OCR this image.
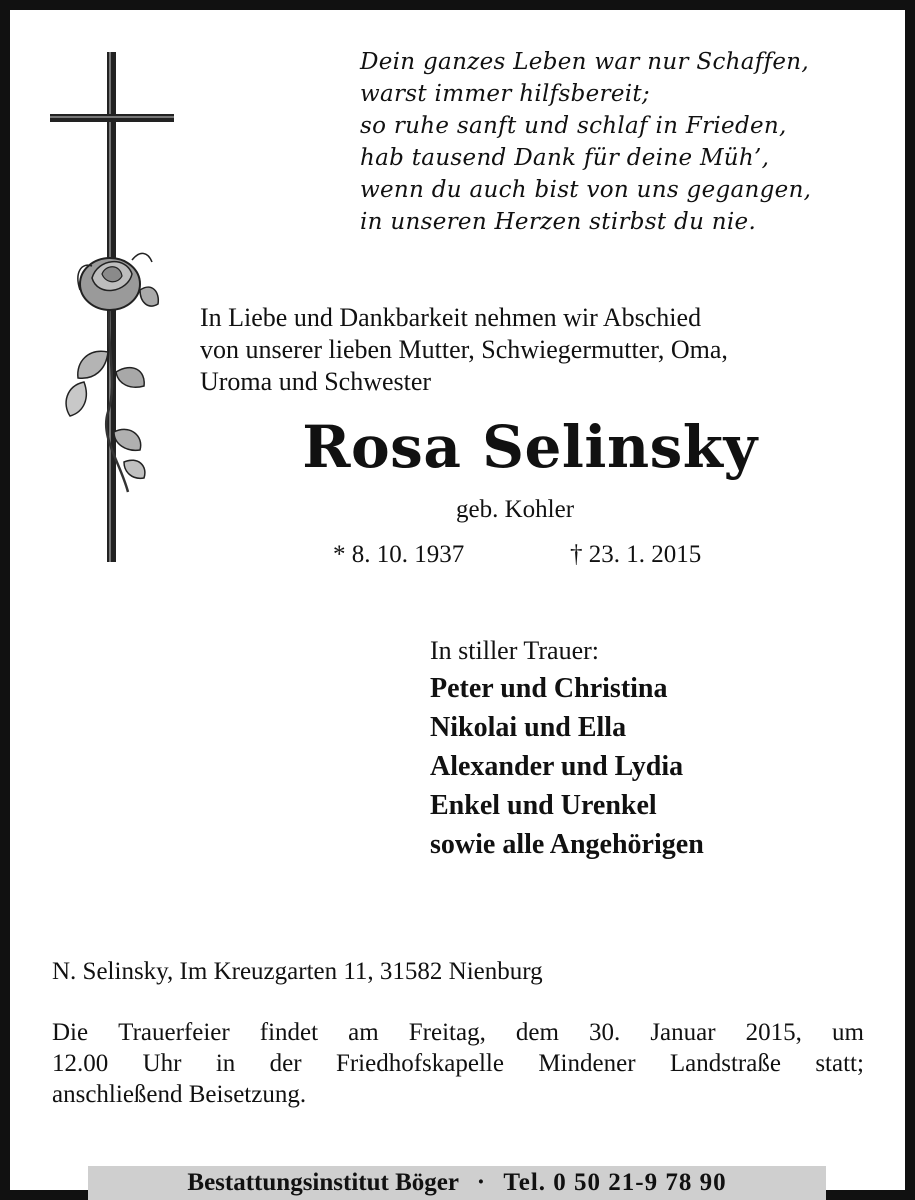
Dein ganzes Leben war nur Schaffen,
warst immer hilfsbereit;
so ruhe sanft und schlaf in Frieden,
hab tausend Dank für deine Müh’,
wenn du auch bist von uns gegangen,
in unseren Herzen stirbst du nie.
In Liebe und Dankbarkeit nehmen wir Abschied
von unserer lieben Mutter, Schwiegermutter, Oma,
Uroma und Schwester
Rosa Selinsky
geb. Kohler
* 8. 10. 1937	† 23. 1. 2015
In stiller Trauer:
Peter und Christina
Nikolai und Ella
Alexander und Lydia
Enkel und Urenkel
sowie alle Angehörigen
N. Selinsky, Im Kreuzgarten 11, 31582 Nienburg
Die Trauerfeier findet am Freitag, dem 30. Januar 2015, um
12.00 Uhr in der Friedhofskapelle Mindener Landstraße statt;
anschließend Beisetzung.
Bestattungsinstitut Böger · Tel. 0 50 21-9 78 90
